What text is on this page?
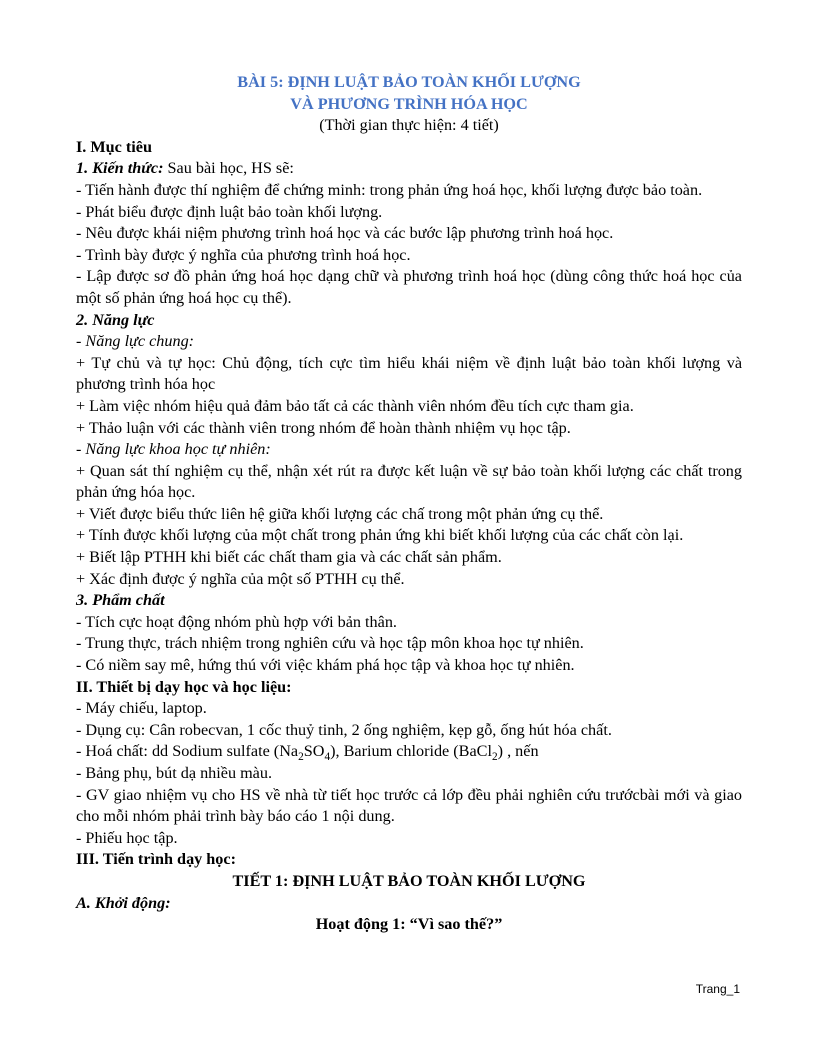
BÀI 5: ĐỊNH LUẬT BẢO TOÀN KHỐI LƯỢNG

VÀ PHƯƠNG TRÌNH HÓA HỌC

(Thời gian thực hiện: 4 tiết)

I. Mục tiêu

1. Kiến thức: Sau bài học, HS sẽ:

- Tiến hành được thí nghiệm để chứng minh: trong phản ứng hoá học, khối lượng được bảo toàn.

- Phát biểu được định luật bảo toàn khối lượng.

- Nêu được khái niệm phương trình hoá học và các bước lập phương trình hoá học.

- Trình bày được ý nghĩa của phương trình hoá học.

- Lập được sơ đồ phản ứng hoá học dạng chữ và phương trình hoá học (dùng công thức hoá học của một số phản ứng hoá học cụ thể).

2. Năng lực

- Năng lực chung:

+ Tự chủ và tự học: Chủ động, tích cực tìm hiểu khái niệm về định luật bảo toàn khối lượng và phương trình hóa học

+ Làm việc nhóm hiệu quả đảm bảo tất cả các thành viên nhóm đều tích cực tham gia.

+ Thảo luận với các thành viên trong nhóm để hoàn thành nhiệm vụ học tập.

- Năng lực khoa học tự nhiên:

+ Quan sát thí nghiệm cụ thể, nhận xét rút ra được kết luận về sự bảo toàn khối lượng các chất trong phản ứng hóa học.

+ Viết được biểu thức liên hệ giữa khối lượng các chấ trong một phản ứng cụ thể.

+ Tính được khối lượng của một chất trong phản ứng khi biết khối lượng của các chất còn lại.

+ Biết lập PTHH khi biết các chất tham gia và các chất sản phẩm.

+ Xác định được ý nghĩa của một số PTHH cụ thể.

3. Phẩm chất

- Tích cực hoạt động nhóm phù hợp với bản thân.

- Trung thực, trách nhiệm trong nghiên cứu và học tập môn khoa học tự nhiên.

- Có niềm say mê, hứng thú với việc khám phá học tập và khoa học tự nhiên.

II. Thiết bị dạy học và học liệu:

- Máy chiếu, laptop.

- Dụng cụ: Cân robecvan, 1 cốc thuỷ tinh, 2 ống nghiệm, kẹp gỗ, ống hút hóa chất.

- Hoá chất: dd Sodium sulfate $(Na_2SO_4)$, Barium chloride (BaCl$_2$) , nến

- Bảng phụ, bút dạ nhiều màu.

- GV giao nhiệm vụ cho HS về nhà từ tiết học trước cả lớp đều phải nghiên cứu trướcbài mới và giao cho mỗi nhóm phải trình bày báo cáo 1 nội dung.

- Phiếu học tập.

III. Tiến trình dạy học:

TIẾT 1: ĐỊNH LUẬT BẢO TOÀN KHỐI LƯỢNG

A. Khởi động:

Hoạt động 1: “Vì sao thế?”

Trang_1
